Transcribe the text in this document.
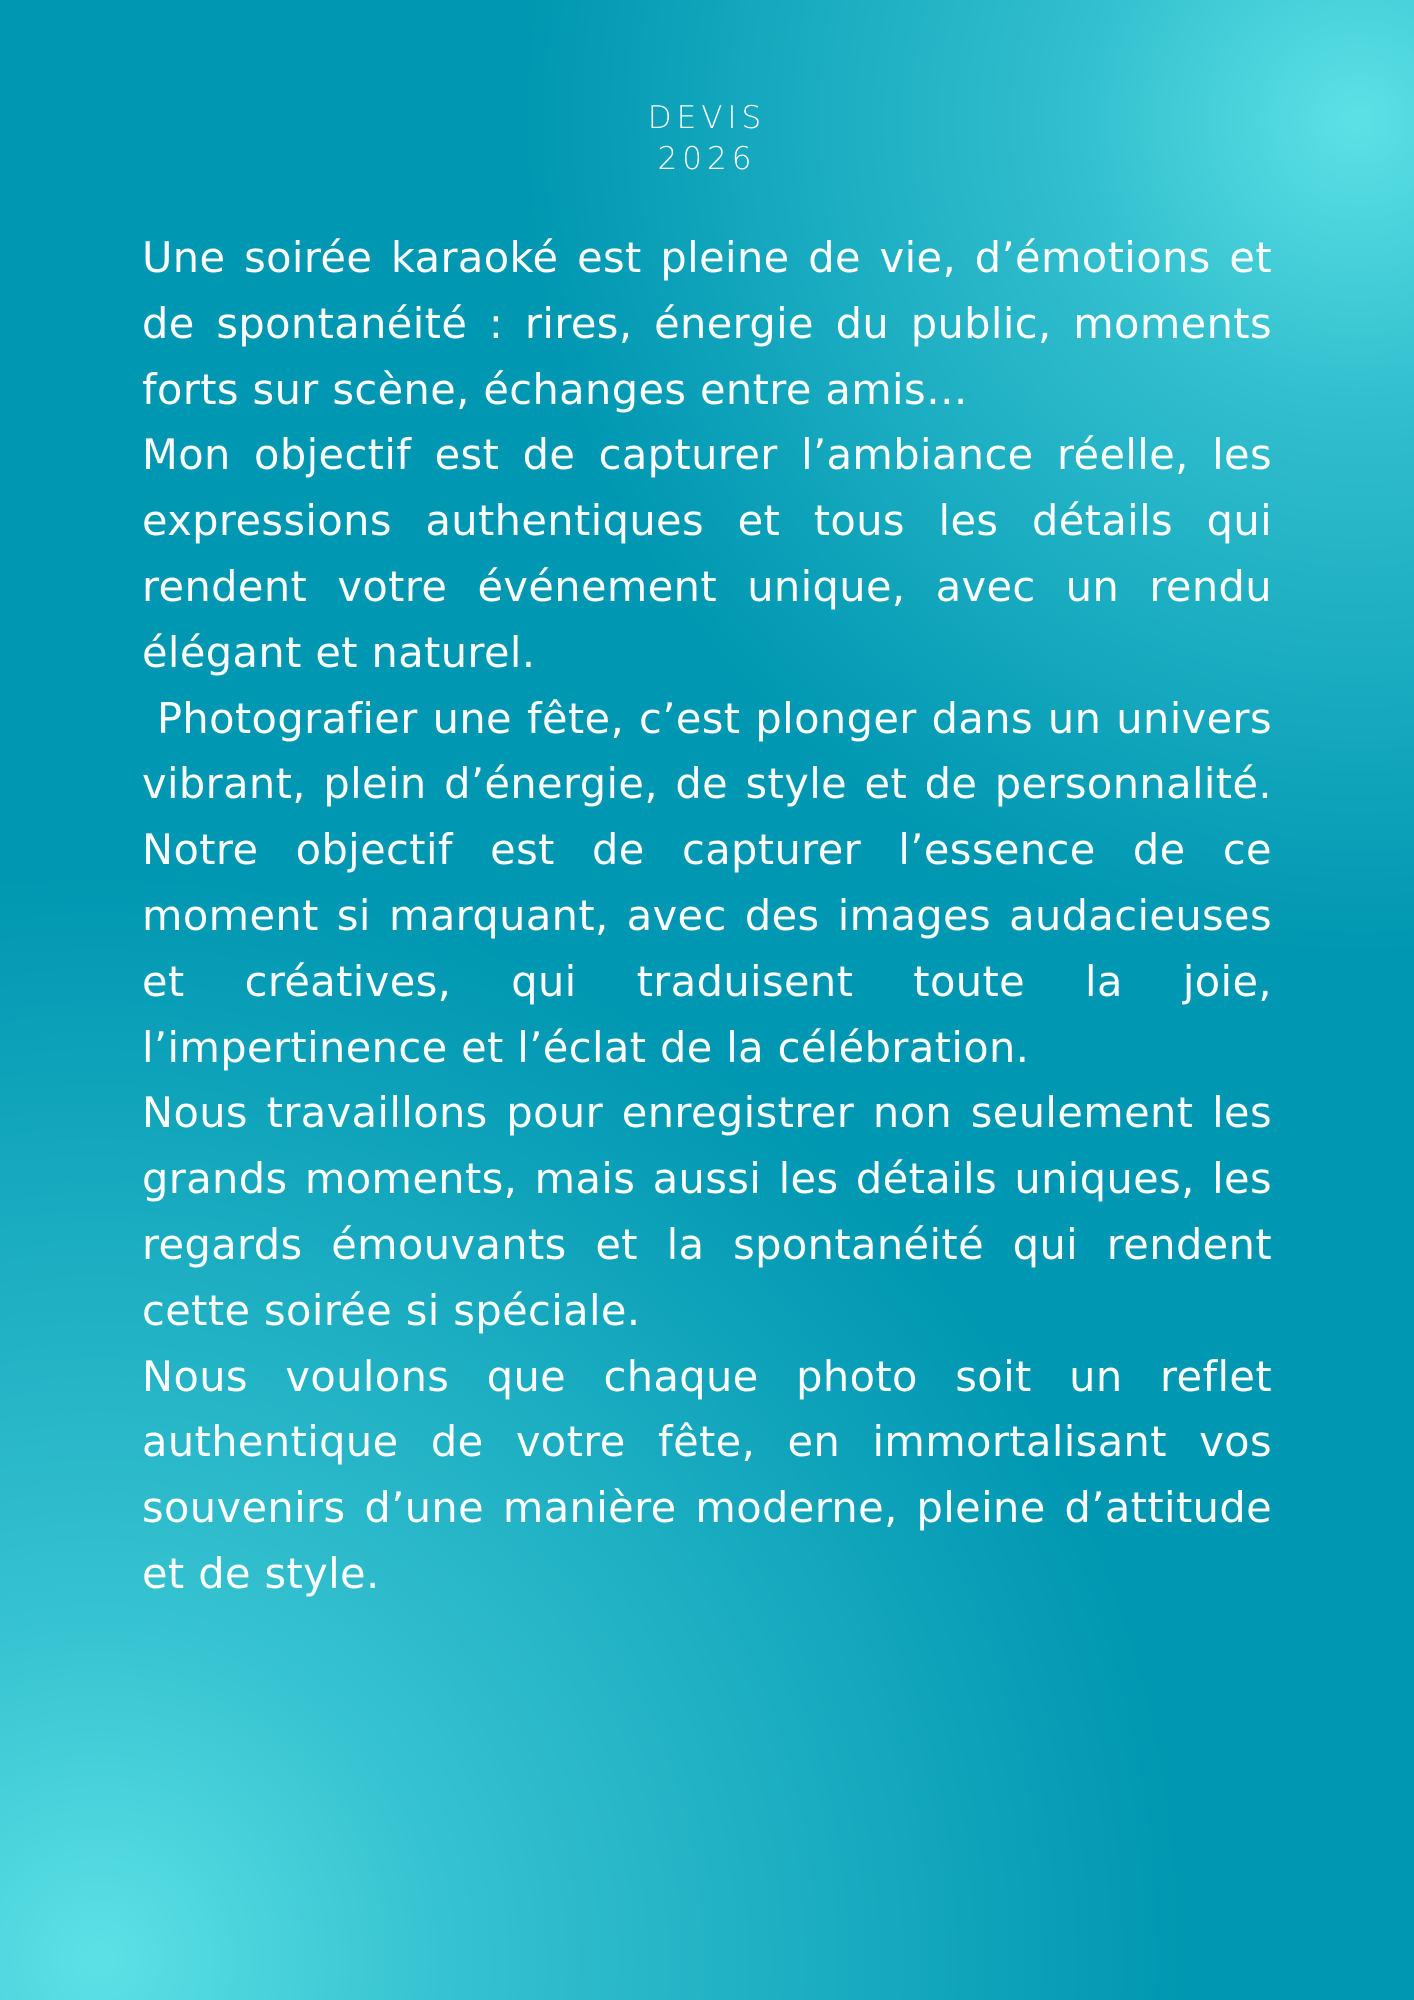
DEVIS
2026

Une soirée karaoké est pleine de vie, d’émotions et de spontanéité : rires, énergie du public, moments forts sur scène, échanges entre amis…

Mon objectif est de capturer l’ambiance réelle, les expressions authentiques et tous les détails qui rendent votre événement unique, avec un rendu élégant et naturel.

Photografier une fête, c’est plonger dans un univers vibrant, plein d’énergie, de style et de personnalité. Notre objectif est de capturer l’essence de ce moment si marquant, avec des images audacieuses et créatives, qui traduisent toute la joie, l’impertinence et l’éclat de la célébration.

Nous travaillons pour enregistrer non seulement les grands moments, mais aussi les détails uniques, les regards émouvants et la spontanéité qui rendent cette soirée si spéciale.

Nous voulons que chaque photo soit un reflet authentique de votre fête, en immortalisant vos souvenirs d’une manière moderne, pleine d’attitude et de style.
